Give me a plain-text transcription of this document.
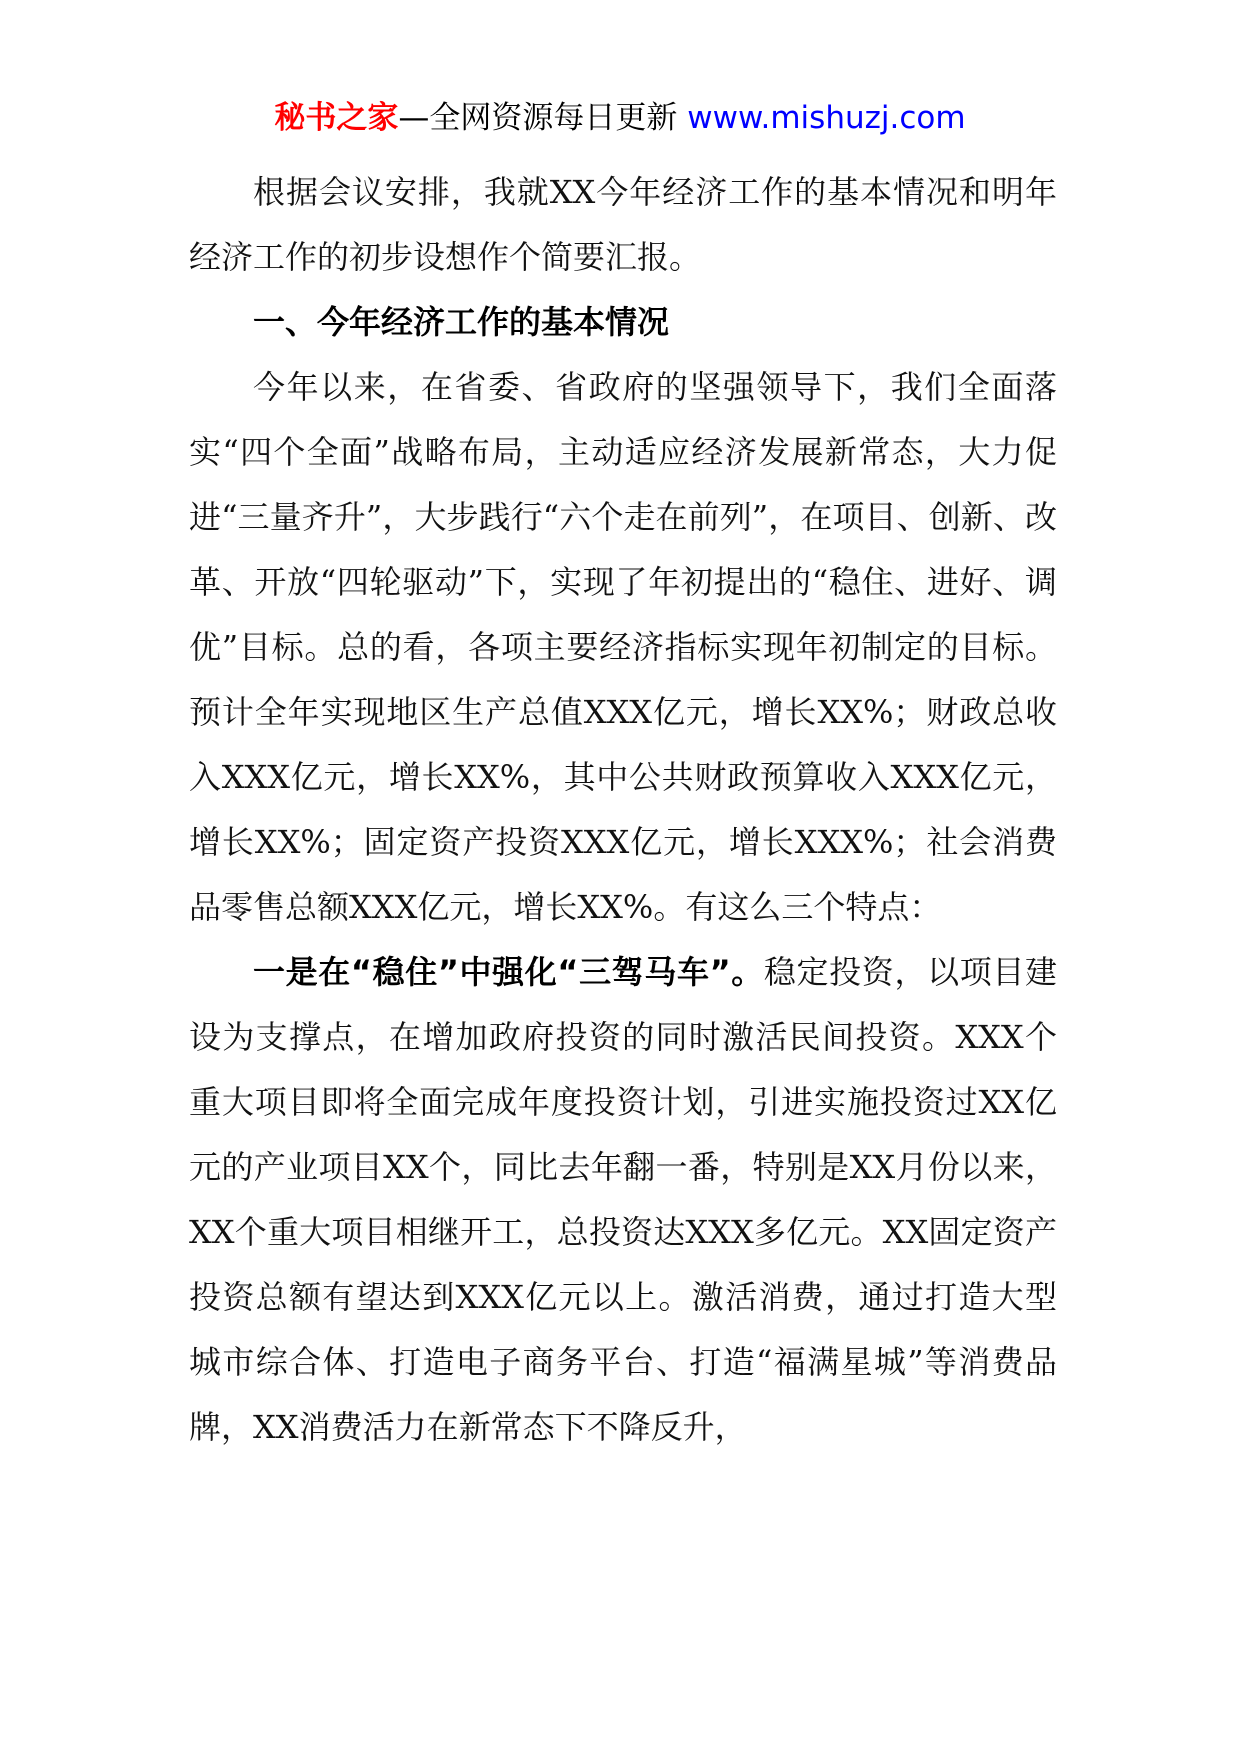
秘书之家—全网资源每日更新 www.mishuzj.com

根据会议安排，我就XX今年经济工作的基本情况和明年经济工作的初步设想作个简要汇报。

一、今年经济工作的基本情况

今年以来，在省委、省政府的坚强领导下，我们全面落实“四个全面”战略布局，主动适应经济发展新常态，大力促进“三量齐升”，大步践行“六个走在前列”，在项目、创新、改革、开放“四轮驱动”下，实现了年初提出的“稳住、进好、调优”目标。总的看，各项主要经济指标实现年初制定的目标。预计全年实现地区生产总值XXX亿元，增长XX%；财政总收入XXX亿元，增长XX%，其中公共财政预算收入XXX亿元，增长XX%；固定资产投资XXX亿元，增长XXX%；社会消费品零售总额XXX亿元，增长XX%。有这么三个特点：

一是在“稳住”中强化“三驾马车”。稳定投资，以项目建设为支撑点，在增加政府投资的同时激活民间投资。XXX个重大项目即将全面完成年度投资计划，引进实施投资过XX亿元的产业项目XX个，同比去年翻一番，特别是XX月份以来，XX个重大项目相继开工，总投资达XXX多亿元。XX固定资产投资总额有望达到XXX亿元以上。激活消费，通过打造大型城市综合体、打造电子商务平台、打造“福满星城”等消费品牌，XX消费活力在新常态下不降反升，
